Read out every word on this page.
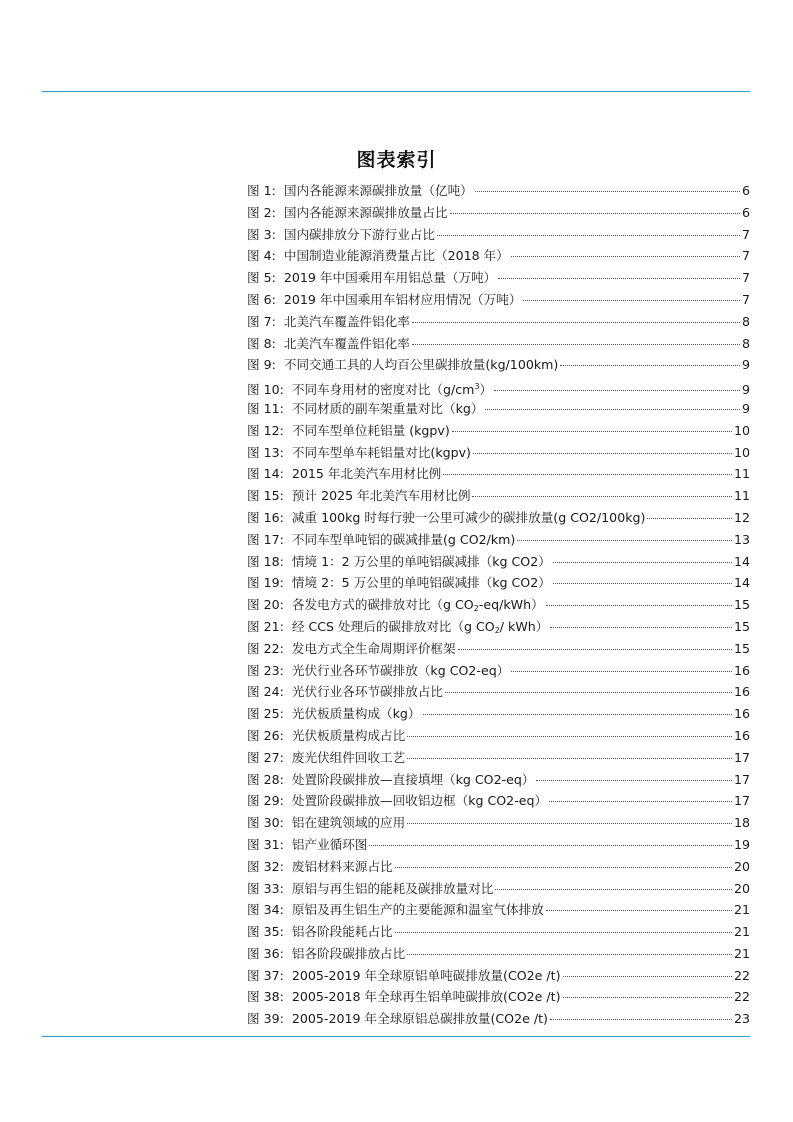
图表索引
图 1: 国内各能源来源碳排放量（亿吨）	6
图 2: 国内各能源来源碳排放量占比	6
图 3: 国内碳排放分下游行业占比	7
图 4: 中国制造业能源消费量占比（2018 年）	7
图 5: 2019 年中国乘用车用铝总量（万吨）	7
图 6: 2019 年中国乘用车铝材应用情况（万吨）	7
图 7: 北美汽车覆盖件铝化率	8
图 8: 北美汽车覆盖件铝化率	8
图 9: 不同交通工具的人均百公里碳排放量(kg/100km)	9
图 10: 不同车身用材的密度对比$(g/cm^3)$	9
图 11: 不同材质的副车架重量对比（kg）	9
图 12: 不同车型单位耗铝量 (kgpv)	10
图 13: 不同车型单车耗铝量对比(kgpv)	10
图 14: 2015 年北美汽车用材比例	11
图 15: 预计 2025 年北美汽车用材比例	11
图 16: 减重 100kg 时每行驶一公里可减少的碳排放量(g CO2/100kg)	12
图 17: 不同车型单吨铝的碳减排量(g CO2/km)	13
图 18: 情境 1：2 万公里的单吨铝碳减排（kg CO2）	14
图 19: 情境 2：5 万公里的单吨铝碳减排（kg CO2）	14
图 20: 各发电方式的碳排放对比（g $CO_2-eq/kWh$）	15
图 21: 经 CCS 处理后的碳排放对比（g $CO_2/$ kWh）	15
图 22: 发电方式全生命周期评价框架	15
图 23: 光伏行业各环节碳排放（kg CO2-eq）	16
图 24: 光伏行业各环节碳排放占比	16
图 25: 光伏板质量构成（kg）	16
图 26: 光伏板质量构成占比	16
图 27: 废光伏组件回收工艺	17
图 28: 处置阶段碳排放—直接填埋（kg CO2-eq）	17
图 29: 处置阶段碳排放—回收铝边框（kg CO2-eq）	17
图 30: 铝在建筑领域的应用	18
图 31: 铝产业循环图	19
图 32: 废铝材料来源占比	20
图 33: 原铝与再生铝的能耗及碳排放量对比	20
图 34: 原铝及再生铝生产的主要能源和温室气体排放	21
图 35: 铝各阶段能耗占比	21
图 36: 铝各阶段碳排放占比	21
图 37: 2005-2019 年全球原铝单吨碳排放量(CO2e /t)	22
图 38: 2005-2018 年全球再生铝单吨碳排放(CO2e /t)	22
图 39: 2005-2019 年全球原铝总碳排放量(CO2e /t)	23
